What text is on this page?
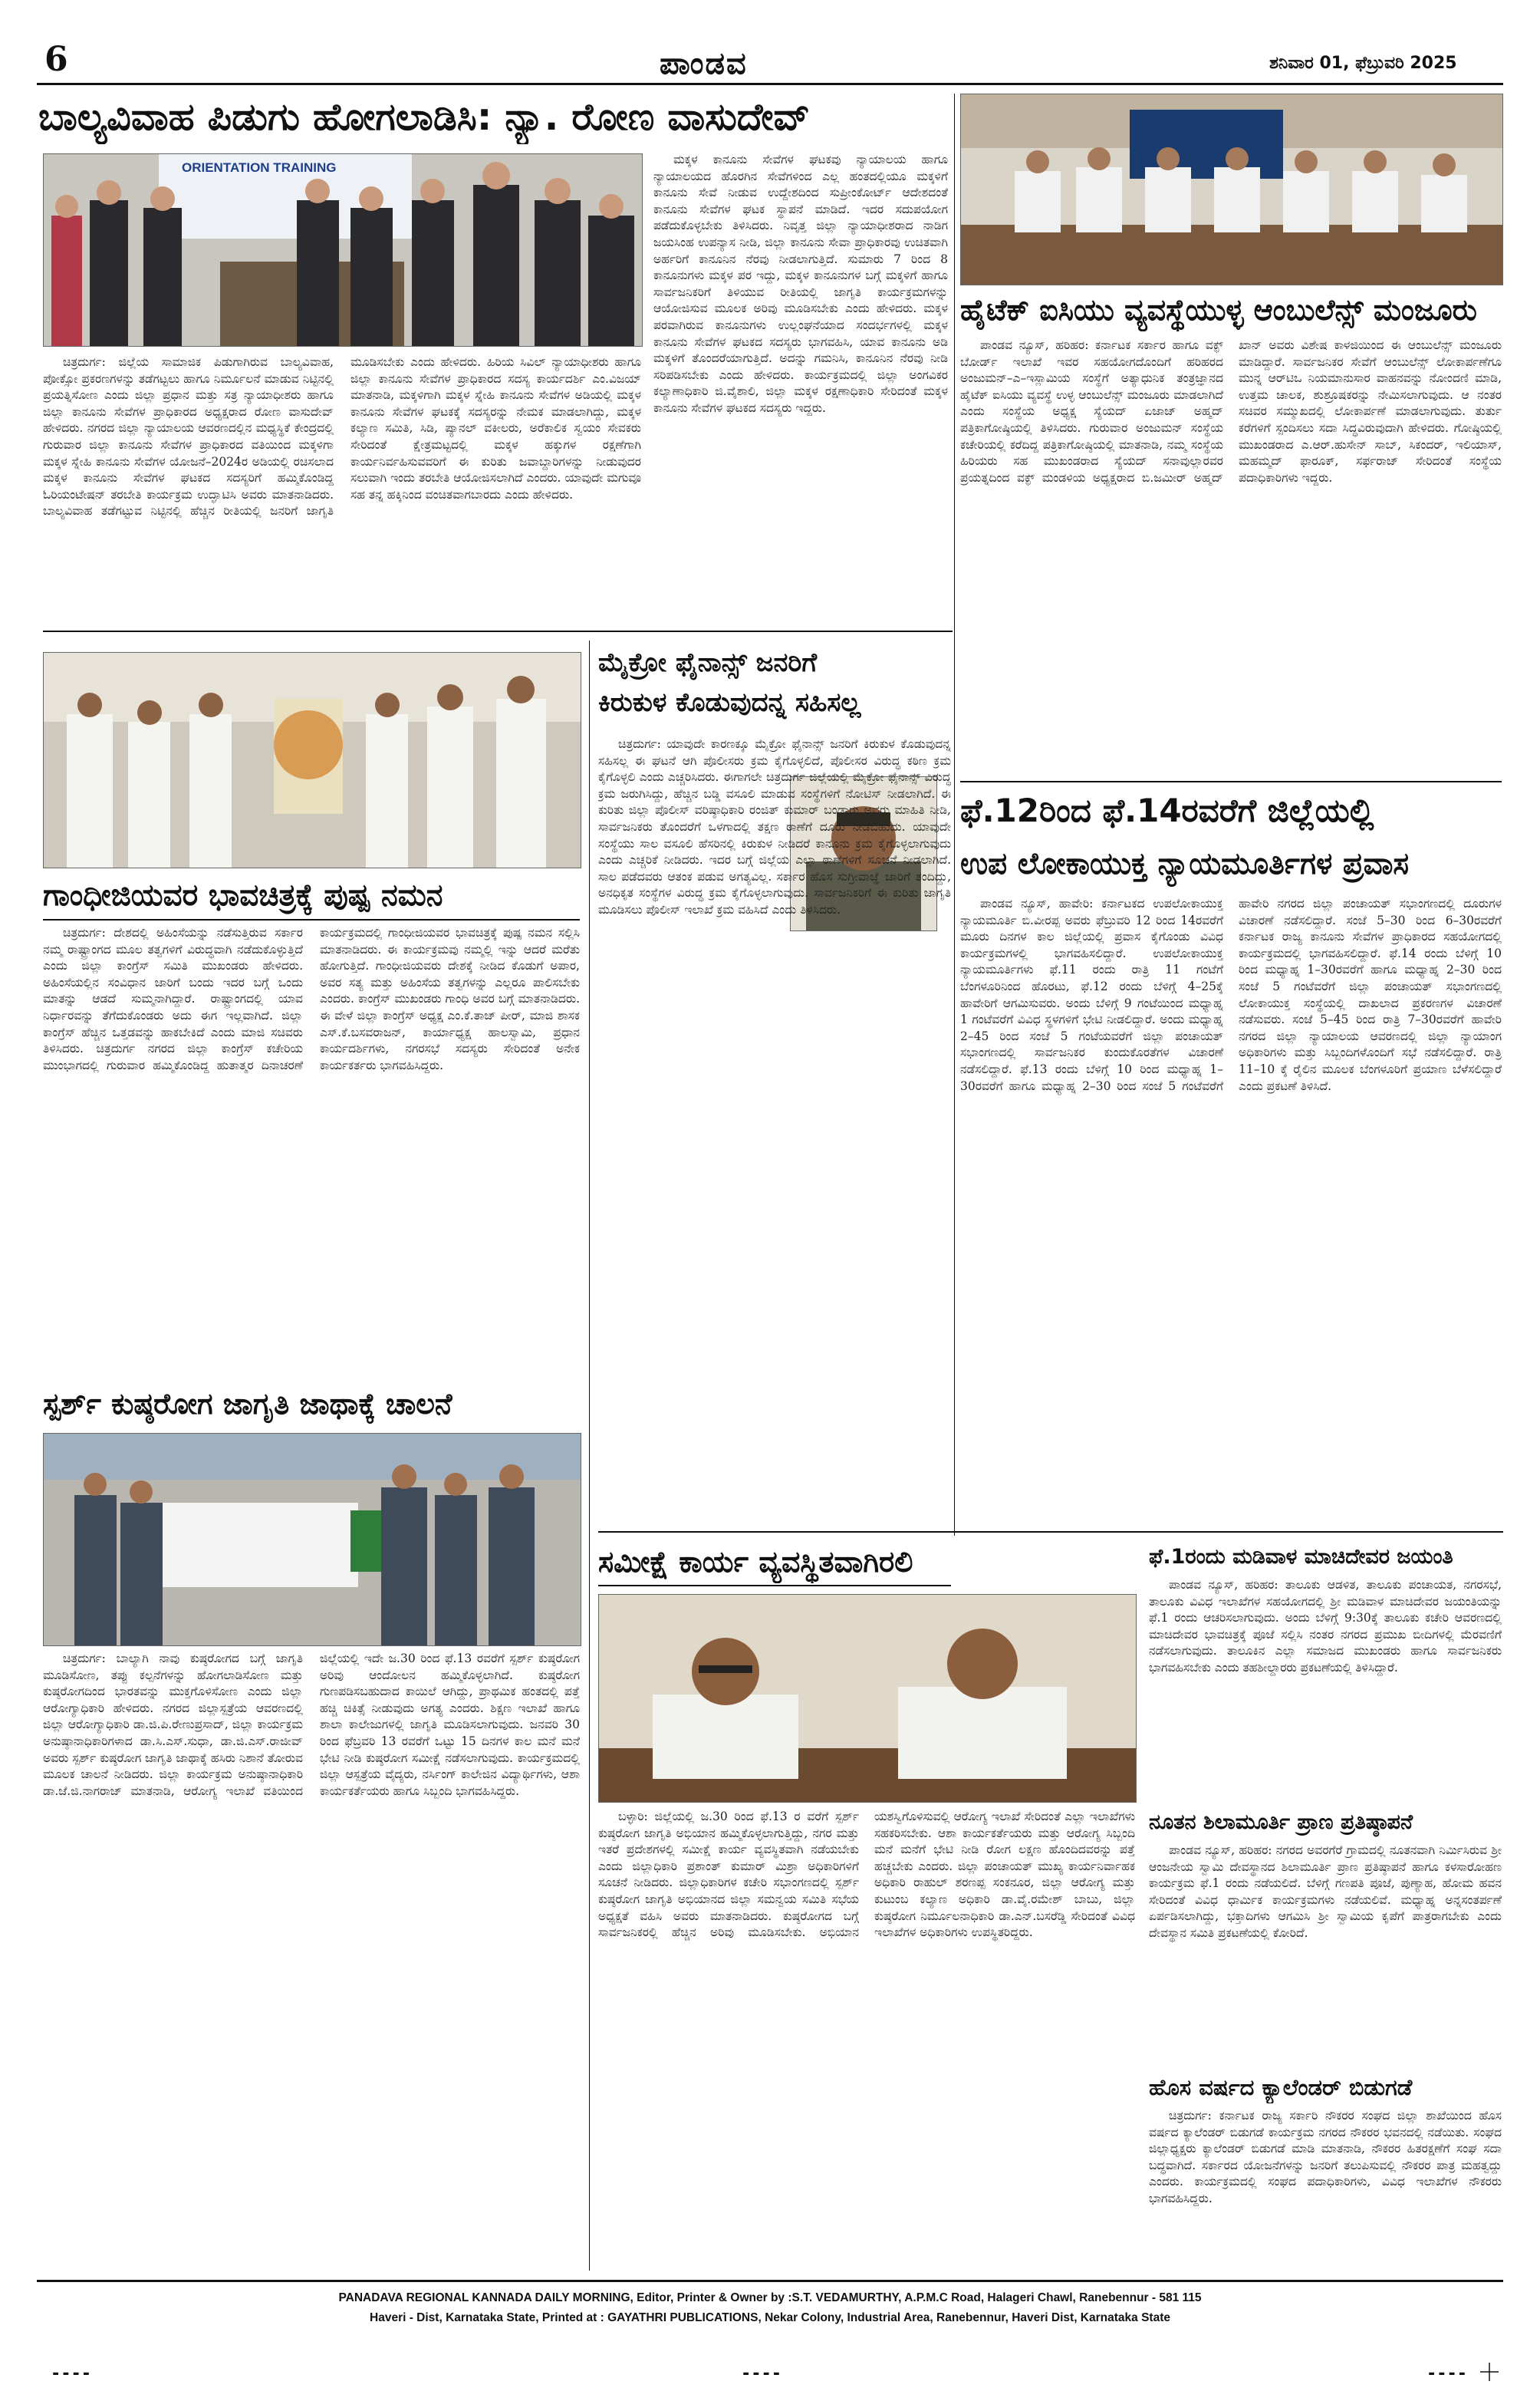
6	ಪಾಂಡವ	ಶನಿವಾರ 01, ಫೆಬ್ರುವರಿ 2025
ಬಾಲ್ಯವಿವಾಹ ಪಿಡುಗು ಹೋಗಲಾಡಿಸಿ: ನ್ಯಾ. ರೋಣ ವಾಸುದೇವ್
ORIENTATION TRAINING

ಚಿತ್ರದುರ್ಗ: ಜಿಲ್ಲೆಯ ಸಾಮಾಜಿಕ ಪಿಡುಗಾಗಿರುವ ಬಾಲ್ಯವಿವಾಹ, ಪೋಕ್ಸೋ ಪ್ರಕರಣಗಳನ್ನು ತಡೆಗಟ್ಟಲು ಹಾಗೂ ನಿರ್ಮೂಲನೆ ಮಾಡುವ ನಿಟ್ಟಿನಲ್ಲಿ ಪ್ರಯತ್ನಿಸೋಣ ಎಂದು ಜಿಲ್ಲಾ ಪ್ರಧಾನ ಮತ್ತು ಸತ್ರ ನ್ಯಾಯಾಧೀಶರು ಹಾಗೂ ಜಿಲ್ಲಾ ಕಾನೂನು ಸೇವೆಗಳ ಪ್ರಾಧಿಕಾರದ ಅಧ್ಯಕ್ಷರಾದ ರೋಣ ವಾಸುದೇವ್ ಹೇಳಿದರು. ನಗರದ ಜಿಲ್ಲಾ ನ್ಯಾಯಾಲಯ ಆವರಣದಲ್ಲಿನ ಮಧ್ಯಸ್ಥಿಕೆ ಕೇಂದ್ರದಲ್ಲಿ ಗುರುವಾರ ಜಿಲ್ಲಾ ಕಾನೂನು ಸೇವೆಗಳ ಪ್ರಾಧಿಕಾರದ ವತಿಯಿಂದ ಮಕ್ಕಳಿಗಾ ಮಕ್ಕಳ ಸ್ನೇಹಿ ಕಾನೂನು ಸೇವೆಗಳ ಯೋಜನೆ–2024ರ ಅಡಿಯಲ್ಲಿ ರಚಿಸಲಾದ ಮಕ್ಕಳ ಕಾನೂನು ಸೇವೆಗಳ ಘಟಕದ ಸದಸ್ಯರಿಗೆ ಹಮ್ಮಿಕೊಂಡಿದ್ದ ಓರಿಯಂಟೇಷನ್ ತರಬೇತಿ ಕಾರ್ಯಕ್ರಮ ಉದ್ಘಾಟಿಸಿ ಅವರು ಮಾತನಾಡಿದರು. ಬಾಲ್ಯವಿವಾಹ ತಡೆಗಟ್ಟುವ ನಿಟ್ಟಿನಲ್ಲಿ ಹೆಚ್ಚಿನ ರೀತಿಯಲ್ಲಿ ಜನರಿಗೆ ಜಾಗೃತಿ ಮೂಡಿಸಬೇಕು ಎಂದು ಹೇಳಿದರು. ಹಿರಿಯ ಸಿವಿಲ್ ನ್ಯಾಯಾಧೀಶರು ಹಾಗೂ ಜಿಲ್ಲಾ ಕಾನೂನು ಸೇವೆಗಳ ಪ್ರಾಧಿಕಾರದ ಸದಸ್ಯ ಕಾರ್ಯದರ್ಶಿ ಎಂ.ವಿಜಯ್ ಮಾತನಾಡಿ, ಮಕ್ಕಳಿಗಾಗಿ ಮಕ್ಕಳ ಸ್ನೇಹಿ ಕಾನೂನು ಸೇವೆಗಳ ಅಡಿಯಲ್ಲಿ ಮಕ್ಕಳ ಕಾನೂನು ಸೇವೆಗಳ ಘಟಕಕ್ಕೆ ಸದಸ್ಯರನ್ನು ನೇಮಕ ಮಾಡಲಾಗಿದ್ದು, ಮಕ್ಕಳ ಕಲ್ಯಾಣ ಸಮಿತಿ, ಸಿಡಿ, ಪ್ಯಾನಲ್ ವಕೀಲರು, ಅರೆಕಾಲಿಕ ಸ್ವಯಂ ಸೇವಕರು ಸೇರಿದಂತೆ ಕ್ಷೇತ್ರಮಟ್ಟದಲ್ಲಿ ಮಕ್ಕಳ ಹಕ್ಕುಗಳ ರಕ್ಷಣೆಗಾಗಿ ಕಾರ್ಯನಿರ್ವಹಿಸುವವರಿಗೆ ಈ ಕುರಿತು ಜವಾಬ್ದಾರಿಗಳನ್ನು ನೀಡುವುದರ ಸಲುವಾಗಿ ಇಂದು ತರಬೇತಿ ಆಯೋಜಿಸಲಾಗಿದೆ ಎಂದರು. ಯಾವುದೇ ಮಗುವೂ ಸಹ ತನ್ನ ಹಕ್ಕಿನಿಂದ ವಂಚಿತವಾಗಬಾರದು ಎಂದು ಹೇಳಿದರು.

ಮಕ್ಕಳ ಕಾನೂನು ಸೇವೆಗಳ ಘಟಕವು ನ್ಯಾಯಾಲಯ ಹಾಗೂ ನ್ಯಾಯಾಲಯದ ಹೊರಗಿನ ಸೇವೆಗಳಿಂದ ಎಲ್ಲ ಹಂತದಲ್ಲಿಯೂ ಮಕ್ಕಳಿಗೆ ಕಾನೂನು ಸೇವೆ ನೀಡುವ ಉದ್ದೇಶದಿಂದ ಸುಪ್ರೀಂಕೋರ್ಟ್ ಆದೇಶದಂತೆ ಕಾನೂನು ಸೇವೆಗಳ ಘಟಕ ಸ್ಥಾಪನೆ ಮಾಡಿದೆ. ಇದರ ಸದುಪಯೋಗ ಪಡೆದುಕೊಳ್ಳಬೇಕು ತಿಳಿಸಿದರು. ನಿವೃತ್ತ ಜಿಲ್ಲಾ ನ್ಯಾಯಾಧೀಶರಾದ ನಾಡಿಗ ಜಯಸಿಂಹ ಉಪನ್ಯಾಸ ನೀಡಿ, ಜಿಲ್ಲಾ ಕಾನೂನು ಸೇವಾ ಪ್ರಾಧಿಕಾರವು ಉಚಿತವಾಗಿ ಅರ್ಹರಿಗೆ ಕಾನೂನಿನ ನೆರವು ನೀಡಲಾಗುತ್ತಿದೆ. ಸುಮಾರು 7 ರಿಂದ 8 ಕಾನೂನುಗಳು ಮಕ್ಕಳ ಪರ ಇದ್ದು, ಮಕ್ಕಳ ಕಾನೂನುಗಳ ಬಗ್ಗೆ ಮಕ್ಕಳಿಗೆ ಹಾಗೂ ಸಾರ್ವಜನಿಕರಿಗೆ ತಿಳಿಯುವ ರೀತಿಯಲ್ಲಿ ಜಾಗೃತಿ ಕಾರ್ಯಕ್ರಮಗಳನ್ನು ಆಯೋಜಿಸುವ ಮೂಲಕ ಅರಿವು ಮೂಡಿಸಬೇಕು ಎಂದು ಹೇಳಿದರು. ಮಕ್ಕಳ ಪರವಾಗಿರುವ ಕಾನೂನುಗಳು ಉಲ್ಲಂಘನೆಯಾದ ಸಂದರ್ಭಗಳಲ್ಲಿ ಮಕ್ಕಳ ಕಾನೂನು ಸೇವೆಗಳ ಘಟಕದ ಸದಸ್ಯರು ಭಾಗವಹಿಸಿ, ಯಾವ ಕಾನೂನು ಅಡಿ ಮಕ್ಕಳಿಗೆ ತೊಂದರೆಯಾಗುತ್ತಿದೆ. ಅದನ್ನು ಗಮನಿಸಿ, ಕಾನೂನಿನ ನೆರವು ನೀಡಿ ಸರಿಪಡಿಸಬೇಕು ಎಂದು ಹೇಳಿದರು. ಕಾರ್ಯಕ್ರಮದಲ್ಲಿ ಜಿಲ್ಲಾ ಅಂಗವಿಕರ ಕಲ್ಯಾಣಾಧಿಕಾರಿ ಜಿ.ವೈಶಾಲಿ, ಜಿಲ್ಲಾ ಮಕ್ಕಳ ರಕ್ಷಣಾಧಿಕಾರಿ ಸೇರಿದಂತೆ ಮಕ್ಕಳ ಕಾನೂನು ಸೇವೆಗಳ ಘಟಕದ ಸದಸ್ಯರು ಇದ್ದರು.

ಹೈಟೆಕ್ ಐಸಿಯು ವ್ಯವಸ್ಥೆಯುಳ್ಳ ಆಂಬುಲೆನ್ಸ್ ಮಂಜೂರು

ಪಾಂಡವ ನ್ಯೂಸ್, ಹರಿಹರ: ಕರ್ನಾಟಕ ಸರ್ಕಾರ ಹಾಗೂ ವಕ್ಫ್ ಬೋರ್ಡ್ ಇಲಾಖೆ ಇವರ ಸಹಯೋಗದೊಂದಿಗೆ ಹರಿಹರದ ಅಂಜುಮನ್–ಎ–ಇಸ್ಲಾಮಿಯ ಸಂಸ್ಥೆಗೆ ಅತ್ಯಾಧುನಿಕ ತಂತ್ರಜ್ಞಾನದ ಹೈಟೆಕ್ ಐಸಿಯು ವ್ಯವಸ್ಥೆ ಉಳ್ಳ ಆಂಬುಲೆನ್ಸ್ ಮಂಜೂರು ಮಾಡಲಾಗಿದೆ ಎಂದು ಸಂಸ್ಥೆಯ ಅಧ್ಯಕ್ಷ ಸ್ಯೆಯದ್ ಏಜಾಜ್ ಅಹ್ಮದ್ ಪತ್ರಿಕಾಗೋಷ್ಠಿಯಲ್ಲಿ ತಿಳಿಸಿದರು. ಗುರುವಾರ ಅಂಜುಮನ್ ಸಂಸ್ಥೆಯ ಕಚೇರಿಯಲ್ಲಿ ಕರೆದಿದ್ದ ಪತ್ರಿಕಾಗೋಷ್ಠಿಯಲ್ಲಿ ಮಾತನಾಡಿ, ನಮ್ಮ ಸಂಸ್ಥೆಯ ಹಿರಿಯರು ಸಹ ಮುಖಂಡರಾದ ಸ್ಯೆಯದ್ ಸನಾವುಲ್ಲಾರವರ ಪ್ರಯತ್ನದಿಂದ ವಕ್ಫ್ ಮಂಡಳಿಯ ಅಧ್ಯಕ್ಷರಾದ ಬಿ.ಜಮೀರ್ ಅಹ್ಮದ್ ಖಾನ್ ಅವರು ವಿಶೇಷ ಕಾಳಜಿಯಿಂದ ಈ ಆಂಬುಲೆನ್ಸ್ ಮಂಜೂರು ಮಾಡಿದ್ದಾರೆ. ಸಾರ್ವಜನಿಕರ ಸೇವೆಗೆ ಆಂಬುಲೆನ್ಸ್ ಲೋಕಾರ್ಪಣೆಗೂ ಮುನ್ನ ಆರ್‌ಟಿಒ ನಿಯಮಾನುಸಾರ ವಾಹನವನ್ನು ನೋಂದಣಿ ಮಾಡಿ, ಉತ್ತಮ ಚಾಲಕ, ಶುಶ್ರೂಷಕರನ್ನು ನೇಮಿಸಲಾಗುವುದು. ಆ ನಂತರ ಸಚಿವರ ಸಮ್ಮುಖದಲ್ಲಿ ಲೋಕಾರ್ಪಣೆ ಮಾಡಲಾಗುವುದು. ತುರ್ತು ಕರೆಗಳಿಗೆ ಸ್ಪಂದಿಸಲು ಸದಾ ಸಿದ್ಧವಿರುವುದಾಗಿ ಹೇಳಿದರು. ಗೋಷ್ಠಿಯಲ್ಲಿ ಮುಖಂಡರಾದ ಎ.ಆರ್.ಹುಸೇನ್ ಸಾಬ್, ಸಿಕಂದರ್, ಇಲಿಯಾಸ್, ಮಹಮ್ಮದ್ ಫಾರೂಕ್, ಸರ್ಫರಾಜ್ ಸೇರಿದಂತೆ ಸಂಸ್ಥೆಯ ಪದಾಧಿಕಾರಿಗಳು ಇದ್ದರು.

ಗಾಂಧೀಜಿಯವರ ಭಾವಚಿತ್ರಕ್ಕೆ ಪುಷ್ಪ ನಮನ

ಚಿತ್ರದುರ್ಗ: ದೇಶದಲ್ಲಿ ಅಹಿಂಸೆಯನ್ನು ನಡೆಸುತ್ತಿರುವ ಸರ್ಕಾರ ನಮ್ಮ ರಾಷ್ಟ್ರಾಂಗದ ಮೂಲ ತತ್ವಗಳಿಗೆ ವಿರುದ್ಧವಾಗಿ ನಡೆದುಕೊಳ್ಳುತ್ತಿದೆ ಎಂದು ಜಿಲ್ಲಾ ಕಾಂಗ್ರೆಸ್ ಸಮಿತಿ ಮುಖಂಡರು ಹೇಳಿದರು. ಅಹಿಂಸೆಯಲ್ಲಿನ ಸಂವಿಧಾನ ಜಾರಿಗೆ ಬಂದು ಇದರ ಬಗ್ಗೆ ಒಂದು ಮಾತನ್ನು ಆಡದೆ ಸುಮ್ಮನಾಗಿದ್ದಾರೆ. ರಾಷ್ಟ್ರಾಂಗದಲ್ಲಿ ಯಾವ ನಿರ್ಧಾರವನ್ನು ತೆಗೆದುಕೊಂಡರು ಅದು ಈಗ ಇಲ್ಲವಾಗಿದೆ. ಜಿಲ್ಲಾ ಕಾಂಗ್ರೆಸ್ ಹೆಚ್ಚಿನ ಒತ್ತಡವನ್ನು ಹಾಕಬೇಕಿದೆ ಎಂದು ಮಾಜಿ ಸಚಿವರು ತಿಳಿಸಿದರು. ಚಿತ್ರದುರ್ಗ ನಗರದ ಜಿಲ್ಲಾ ಕಾಂಗ್ರೆಸ್ ಕಚೇರಿಯ ಮುಂಭಾಗದಲ್ಲಿ ಗುರುವಾರ ಹಮ್ಮಿಕೊಂಡಿದ್ದ ಹುತಾತ್ಮರ ದಿನಾಚರಣೆ ಕಾರ್ಯಕ್ರಮದಲ್ಲಿ ಗಾಂಧೀಜಿಯವರ ಭಾವಚಿತ್ರಕ್ಕೆ ಪುಷ್ಪ ನಮನ ಸಲ್ಲಿಸಿ ಮಾತನಾಡಿದರು. ಈ ಕಾರ್ಯಕ್ರಮವು ನಮ್ಮಲ್ಲಿ ಇನ್ನು ಆದರೆ ಮರೆತು ಹೋಗುತ್ತಿದೆ. ಗಾಂಧೀಜಿಯವರು ದೇಶಕ್ಕೆ ನೀಡಿದ ಕೊಡುಗೆ ಅಪಾರ, ಅವರ ಸತ್ಯ ಮತ್ತು ಅಹಿಂಸೆಯ ತತ್ವಗಳನ್ನು ಎಲ್ಲರೂ ಪಾಲಿಸಬೇಕು ಎಂದರು. ಕಾಂಗ್ರೆಸ್ ಮುಖಂಡರು ಗಾಂಧಿ ಅವರ ಬಗ್ಗೆ ಮಾತನಾಡಿದರು. ಈ ವೇಳೆ ಜಿಲ್ಲಾ ಕಾಂಗ್ರೆಸ್ ಅಧ್ಯಕ್ಷ ಎಂ.ಕೆ.ತಾಜ್ ಪೀರ್, ಮಾಜಿ ಶಾಸಕ ಎಸ್.ಕೆ.ಬಸವರಾಜನ್, ಕಾರ್ಯಾಧ್ಯಕ್ಷ ಹಾಲಸ್ವಾಮಿ, ಪ್ರಧಾನ ಕಾರ್ಯದರ್ಶಿಗಳು, ನಗರಸಭೆ ಸದಸ್ಯರು ಸೇರಿದಂತೆ ಅನೇಕ ಕಾರ್ಯಕರ್ತರು ಭಾಗವಹಿಸಿದ್ದರು.

ಮೈಕ್ರೋ ಫೈನಾನ್ಸ್ ಜನರಿಗೆ
ಕಿರುಕುಳ ಕೊಡುವುದನ್ನ ಸಹಿಸಲ್ಲ

ಚಿತ್ರದುರ್ಗ: ಯಾವುದೇ ಕಾರಣಕ್ಕೂ ಮೈಕ್ರೋ ಫೈನಾನ್ಸ್ ಜನರಿಗೆ ಕಿರುಕುಳ ಕೊಡುವುದನ್ನ ಸಹಿಸಲ್ಲ ಈ ಘಟನೆ ಆಗಿ ಪೊಲೀಸರು ಕ್ರಮ ಕೈಗೊಳ್ಳಲಿದೆ, ಪೊಲೀಸರ ವಿರುದ್ಧ ಕಠಿಣ ಕ್ರಮ ಕೈಗೊಳ್ಳಲಿ ಎಂದು ಎಚ್ಚರಿಸಿದರು. ಈಗಾಗಲೇ ಚಿತ್ರದುರ್ಗ ಜಿಲ್ಲೆಯಲ್ಲಿ ಮೈಕ್ರೋ ಫೈನಾನ್ಸ್ ವಿರುದ್ಧ ಕ್ರಮ ಜರುಗಿಸಿದ್ದು, ಹೆಚ್ಚಿನ ಬಡ್ಡಿ ವಸೂಲಿ ಮಾಡುವ ಸಂಸ್ಥೆಗಳಿಗೆ ನೋಟಿಸ್ ನೀಡಲಾಗಿದೆ. ಈ ಕುರಿತು ಜಿಲ್ಲಾ ಪೊಲೀಸ್ ವರಿಷ್ಠಾಧಿಕಾರಿ ರಂಜಿತ್ ಕುಮಾರ್ ಬಂಡಾರು ಅವರು ಮಾಹಿತಿ ನೀಡಿ, ಸಾರ್ವಜನಿಕರು ತೊಂದರೆಗೆ ಒಳಗಾದಲ್ಲಿ ತಕ್ಷಣ ಠಾಣೆಗೆ ದೂರು ನೀಡಬಹುದು. ಯಾವುದೇ ಸಂಸ್ಥೆಯು ಸಾಲ ವಸೂಲಿ ಹೆಸರಿನಲ್ಲಿ ಕಿರುಕುಳ ನೀಡಿದರೆ ಕಾನೂನು ಕ್ರಮ ಕೈಗೊಳ್ಳಲಾಗುವುದು ಎಂದು ಎಚ್ಚರಿಕೆ ನೀಡಿದರು. ಇದರ ಬಗ್ಗೆ ಜಿಲ್ಲೆಯ ಎಲ್ಲಾ ಠಾಣೆಗಳಿಗೆ ಸೂಚನೆ ನೀಡಲಾಗಿದೆ. ಸಾಲ ಪಡೆದವರು ಆತಂಕ ಪಡುವ ಅಗತ್ಯವಿಲ್ಲ. ಸರ್ಕಾರ ಹೊಸ ಸುಗ್ರೀವಾಜ್ಞೆ ಜಾರಿಗೆ ತಂದಿದ್ದು, ಅನಧಿಕೃತ ಸಂಸ್ಥೆಗಳ ವಿರುದ್ಧ ಕ್ರಮ ಕೈಗೊಳ್ಳಲಾಗುವುದು. ಸಾರ್ವಜನಿಕರಿಗೆ ಈ ಕುರಿತು ಜಾಗೃತಿ ಮೂಡಿಸಲು ಪೊಲೀಸ್ ಇಲಾಖೆ ಕ್ರಮ ವಹಿಸಿದೆ ಎಂದು ತಿಳಿಸಿದರು.

ಫೆ.12ರಿಂದ ಫೆ.14ರವರೆಗೆ ಜಿಲ್ಲೆಯಲ್ಲಿ
ಉಪ ಲೋಕಾಯುಕ್ತ ನ್ಯಾಯಮೂರ್ತಿಗಳ ಪ್ರವಾಸ

ಪಾಂಡವ ನ್ಯೂಸ್, ಹಾವೇರಿ: ಕರ್ನಾಟಕದ ಉಪಲೋಕಾಯುಕ್ತ ನ್ಯಾಯಮೂರ್ತಿ ಬಿ.ವೀರಪ್ಪ ಅವರು ಫೆಬ್ರುವರಿ 12 ರಿಂದ 14ರವರೆಗೆ ಮೂರು ದಿನಗಳ ಕಾಲ ಜಿಲ್ಲೆಯಲ್ಲಿ ಪ್ರವಾಸ ಕೈಗೊಂಡು ವಿವಿಧ ಕಾರ್ಯಕ್ರಮಗಳಲ್ಲಿ ಭಾಗವಹಿಸಲಿದ್ದಾರೆ. ಉಪಲೋಕಾಯುಕ್ತ ನ್ಯಾಯಮೂರ್ತಿಗಳು ಫೆ.11 ರಂದು ರಾತ್ರಿ 11 ಗಂಟೆಗೆ ಬೆಂಗಳೂರಿನಿಂದ ಹೊರಟು, ಫೆ.12 ರಂದು ಬೆಳಿಗ್ಗೆ 4–25ಕ್ಕೆ ಹಾವೇರಿಗೆ ಆಗಮಿಸುವರು. ಅಂದು ಬೆಳಿಗ್ಗೆ 9 ಗಂಟೆಯಿಂದ ಮಧ್ಯಾಹ್ನ 1 ಗಂಟೆವರೆಗೆ ವಿವಿಧ ಸ್ಥಳಗಳಿಗೆ ಭೇಟಿ ನೀಡಲಿದ್ದಾರೆ. ಅಂದು ಮಧ್ಯಾಹ್ನ 2–45 ರಿಂದ ಸಂಜೆ 5 ಗಂಟೆಯವರೆಗೆ ಜಿಲ್ಲಾ ಪಂಚಾಯತ್ ಸಭಾಂಗಣದಲ್ಲಿ ಸಾರ್ವಜನಿಕರ ಕುಂದುಕೊರತೆಗಳ ವಿಚಾರಣೆ ನಡೆಸಲಿದ್ದಾರೆ. ಫೆ.13 ರಂದು ಬೆಳಿಗ್ಗೆ 10 ರಿಂದ ಮಧ್ಯಾಹ್ನ 1–30ರವರೆಗೆ ಹಾಗೂ ಮಧ್ಯಾಹ್ನ 2–30 ರಿಂದ ಸಂಜೆ 5 ಗಂಟೆವರೆಗೆ ಹಾವೇರಿ ನಗರದ ಜಿಲ್ಲಾ ಪಂಚಾಯತ್ ಸಭಾಂಗಣದಲ್ಲಿ ದೂರುಗಳ ವಿಚಾರಣೆ ನಡೆಸಲಿದ್ದಾರೆ. ಸಂಜೆ 5–30 ರಿಂದ 6–30ರವರೆಗೆ ಕರ್ನಾಟಕ ರಾಜ್ಯ ಕಾನೂನು ಸೇವೆಗಳ ಪ್ರಾಧಿಕಾರದ ಸಹಯೋಗದಲ್ಲಿ ಕಾರ್ಯಕ್ರಮದಲ್ಲಿ ಭಾಗವಹಿಸಲಿದ್ದಾರೆ. ಫೆ.14 ರಂದು ಬೆಳಿಗ್ಗೆ 10 ರಿಂದ ಮಧ್ಯಾಹ್ನ 1–30ರವರೆಗೆ ಹಾಗೂ ಮಧ್ಯಾಹ್ನ 2–30 ರಿಂದ ಸಂಜೆ 5 ಗಂಟೆವರೆಗೆ ಜಿಲ್ಲಾ ಪಂಚಾಯತ್ ಸಭಾಂಗಣದಲ್ಲಿ ಲೋಕಾಯುಕ್ತ ಸಂಸ್ಥೆಯಲ್ಲಿ ದಾಖಲಾದ ಪ್ರಕರಣಗಳ ವಿಚಾರಣೆ ನಡೆಸುವರು. ಸಂಜೆ 5–45 ರಿಂದ ರಾತ್ರಿ 7–30ರವರೆಗೆ ಹಾವೇರಿ ನಗರದ ಜಿಲ್ಲಾ ನ್ಯಾಯಾಲಯ ಆವರಣದಲ್ಲಿ ಜಿಲ್ಲಾ ನ್ಯಾಯಾಂಗ ಅಧಿಕಾರಿಗಳು ಮತ್ತು ಸಿಬ್ಬಂದಿಗಳೊಂದಿಗೆ ಸಭೆ ನಡೆಸಲಿದ್ದಾರೆ. ರಾತ್ರಿ 11–10 ಕ್ಕೆ ರೈಲಿನ ಮೂಲಕ ಬೆಂಗಳೂರಿಗೆ ಪ್ರಯಾಣ ಬೆಳೆಸಲಿದ್ದಾರೆ ಎಂದು ಪ್ರಕಟಣೆ ತಿಳಿಸಿದೆ.

ಸ್ಪರ್ಶ್ ಕುಷ್ಠರೋಗ ಜಾಗೃತಿ ಜಾಥಾಕ್ಕೆ ಚಾಲನೆ

ಚಿತ್ರದುರ್ಗ: ಬಾಲ್ಯಾಗಿ ನಾವು ಕುಷ್ಠರೋಗದ ಬಗ್ಗೆ ಜಾಗೃತಿ ಮೂಡಿಸೋಣ, ತಪ್ಪು ಕಲ್ಪನೆಗಳನ್ನು ಹೋಗಲಾಡಿಸೋಣ ಮತ್ತು ಕುಷ್ಠರೋಗದಿಂದ ಭಾರತವನ್ನು ಮುಕ್ತಗೊಳಿಸೋಣ ಎಂದು ಜಿಲ್ಲಾ ಆರೋಗ್ಯಾಧಿಕಾರಿ ಹೇಳಿದರು. ನಗರದ ಜಿಲ್ಲಾಸ್ಪತ್ರೆಯ ಆವರಣದಲ್ಲಿ ಜಿಲ್ಲಾ ಆರೋಗ್ಯಾಧಿಕಾರಿ ಡಾ.ಜಿ.ಪಿ.ರೇಣುಪ್ರಸಾದ್, ಜಿಲ್ಲಾ ಕಾರ್ಯಕ್ರಮ ಅನುಷ್ಠಾನಾಧಿಕಾರಿಗಳಾದ ಡಾ.ಸಿ.ಎಸ್.ಸುಧಾ, ಡಾ.ಜಿ.ಎಸ್.ರಾಜೀವ್ ಅವರು ಸ್ಪರ್ಶ್ ಕುಷ್ಠರೋಗ ಜಾಗೃತಿ ಜಾಥಾಕ್ಕೆ ಹಸಿರು ನಿಶಾನೆ ತೋರುವ ಮೂಲಕ ಚಾಲನೆ ನೀಡಿದರು. ಜಿಲ್ಲಾ ಕಾರ್ಯಕ್ರಮ ಅನುಷ್ಠಾನಾಧಿಕಾರಿ ಡಾ.ಜೆ.ಜಿ.ನಾಗರಾಜ್ ಮಾತನಾಡಿ, ಆರೋಗ್ಯ ಇಲಾಖೆ ವತಿಯಿಂದ ಜಿಲ್ಲೆಯಲ್ಲಿ ಇದೇ ಜ.30 ರಿಂದ ಫೆ.13 ರವರೆಗೆ ಸ್ಪರ್ಶ್ ಕುಷ್ಠರೋಗ ಅರಿವು ಆಂದೋಲನ ಹಮ್ಮಿಕೊಳ್ಳಲಾಗಿದೆ. ಕುಷ್ಠರೋಗ ಗುಣಪಡಿಸಬಹುದಾದ ಕಾಯಿಲೆ ಆಗಿದ್ದು, ಪ್ರಾಥಮಿಕ ಹಂತದಲ್ಲಿ ಪತ್ತೆ ಹಚ್ಚಿ ಚಿಕಿತ್ಸೆ ನೀಡುವುದು ಅಗತ್ಯ ಎಂದರು. ಶಿಕ್ಷಣ ಇಲಾಖೆ ಹಾಗೂ ಶಾಲಾ ಕಾಲೇಜುಗಳಲ್ಲಿ ಜಾಗೃತಿ ಮೂಡಿಸಲಾಗುವುದು. ಜನವರಿ 30 ರಿಂದ ಫೆಬ್ರವರಿ 13 ರವರೆಗೆ ಒಟ್ಟು 15 ದಿನಗಳ ಕಾಲ ಮನೆ ಮನೆ ಭೇಟಿ ನೀಡಿ ಕುಷ್ಠರೋಗ ಸಮೀಕ್ಷೆ ನಡೆಸಲಾಗುವುದು. ಕಾರ್ಯಕ್ರಮದಲ್ಲಿ ಜಿಲ್ಲಾ ಆಸ್ಪತ್ರೆಯ ವೈದ್ಯರು, ನರ್ಸಿಂಗ್ ಕಾಲೇಜಿನ ವಿದ್ಯಾರ್ಥಿಗಳು, ಆಶಾ ಕಾರ್ಯಕರ್ತೆಯರು ಹಾಗೂ ಸಿಬ್ಬಂದಿ ಭಾಗವಹಿಸಿದ್ದರು.

ಸಮೀಕ್ಷೆ ಕಾರ್ಯ ವ್ಯವಸ್ಥಿತವಾಗಿರಲಿ

ಬಳ್ಳಾರಿ: ಜಿಲ್ಲೆಯಲ್ಲಿ ಜ.30 ರಿಂದ ಫೆ.13 ರ ವರೆಗೆ ಸ್ಪರ್ಶ್ ಕುಷ್ಠರೋಗ ಜಾಗೃತಿ ಅಭಿಯಾನ ಹಮ್ಮಿಕೊಳ್ಳಲಾಗುತ್ತಿದ್ದು, ನಗರ ಮತ್ತು ಇತರೆ ಪ್ರದೇಶಗಳಲ್ಲಿ ಸಮೀಕ್ಷೆ ಕಾರ್ಯ ವ್ಯವಸ್ಥಿತವಾಗಿ ನಡೆಯಬೇಕು ಎಂದು ಜಿಲ್ಲಾಧಿಕಾರಿ ಪ್ರಶಾಂತ್ ಕುಮಾರ್ ಮಿಶ್ರಾ ಅಧಿಕಾರಿಗಳಿಗೆ ಸೂಚನೆ ನೀಡಿದರು. ಜಿಲ್ಲಾಧಿಕಾರಿಗಳ ಕಚೇರಿ ಸಭಾಂಗಣದಲ್ಲಿ ಸ್ಪರ್ಶ್ ಕುಷ್ಠರೋಗ ಜಾಗೃತಿ ಅಭಿಯಾನದ ಜಿಲ್ಲಾ ಸಮನ್ವಯ ಸಮಿತಿ ಸಭೆಯ ಅಧ್ಯಕ್ಷತೆ ವಹಿಸಿ ಅವರು ಮಾತನಾಡಿದರು. ಕುಷ್ಠರೋಗದ ಬಗ್ಗೆ ಸಾರ್ವಜನಿಕರಲ್ಲಿ ಹೆಚ್ಚಿನ ಅರಿವು ಮೂಡಿಸಬೇಕು. ಅಭಿಯಾನ ಯಶಸ್ವಿಗೊಳಿಸುವಲ್ಲಿ ಆರೋಗ್ಯ ಇಲಾಖೆ ಸೇರಿದಂತೆ ಎಲ್ಲಾ ಇಲಾಖೆಗಳು ಸಹಕರಿಸಬೇಕು. ಆಶಾ ಕಾರ್ಯಕರ್ತೆಯರು ಮತ್ತು ಆರೋಗ್ಯ ಸಿಬ್ಬಂದಿ ಮನೆ ಮನೆಗೆ ಭೇಟಿ ನೀಡಿ ರೋಗ ಲಕ್ಷಣ ಹೊಂದಿದವರನ್ನು ಪತ್ತೆ ಹಚ್ಚಬೇಕು ಎಂದರು. ಜಿಲ್ಲಾ ಪಂಚಾಯತ್ ಮುಖ್ಯ ಕಾರ್ಯನಿರ್ವಾಹಕ ಅಧಿಕಾರಿ ರಾಹುಲ್ ಶರಣಪ್ಪ ಸಂಕನೂರ, ಜಿಲ್ಲಾ ಆರೋಗ್ಯ ಮತ್ತು ಕುಟುಂಬ ಕಲ್ಯಾಣ ಅಧಿಕಾರಿ ಡಾ.ವೈ.ರಮೇಶ್ ಬಾಬು, ಜಿಲ್ಲಾ ಕುಷ್ಠರೋಗ ನಿರ್ಮೂಲನಾಧಿಕಾರಿ ಡಾ.ಎನ್.ಬಸರೆಡ್ಡಿ ಸೇರಿದಂತೆ ವಿವಿಧ ಇಲಾಖೆಗಳ ಅಧಿಕಾರಿಗಳು ಉಪಸ್ಥಿತರಿದ್ದರು.

ಫೆ.1ರಂದು ಮಡಿವಾಳ ಮಾಚಿದೇವರ ಜಯಂತಿ

ಪಾಂಡವ ನ್ಯೂಸ್, ಹರಿಹರ: ತಾಲೂಕು ಆಡಳಿತ, ತಾಲೂಕು ಪಂಚಾಯತ, ನಗರಸಭೆ, ತಾಲೂಕು ವಿವಿಧ ಇಲಾಖೆಗಳ ಸಹಯೋಗದಲ್ಲಿ ಶ್ರೀ ಮಡಿವಾಳ ಮಾಚಿದೇವರ ಜಯಂತಿಯನ್ನು ಫೆ.1 ರಂದು ಆಚರಿಸಲಾಗುವುದು. ಅಂದು ಬೆಳಿಗ್ಗೆ 9:30ಕ್ಕೆ ತಾಲೂಕು ಕಚೇರಿ ಆವರಣದಲ್ಲಿ ಮಾಚಿದೇವರ ಭಾವಚಿತ್ರಕ್ಕೆ ಪೂಜೆ ಸಲ್ಲಿಸಿ ನಂತರ ನಗರದ ಪ್ರಮುಖ ಬೀದಿಗಳಲ್ಲಿ ಮೆರವಣಿಗೆ ನಡೆಸಲಾಗುವುದು. ತಾಲೂಕಿನ ಎಲ್ಲಾ ಸಮಾಜದ ಮುಖಂಡರು ಹಾಗೂ ಸಾರ್ವಜನಿಕರು ಭಾಗವಹಿಸಬೇಕು ಎಂದು ತಹಶೀಲ್ದಾರರು ಪ್ರಕಟಣೆಯಲ್ಲಿ ತಿಳಿಸಿದ್ದಾರೆ.

ನೂತನ ಶಿಲಾಮೂರ್ತಿ ಪ್ರಾಣ ಪ್ರತಿಷ್ಠಾಪನೆ

ಪಾಂಡವ ನ್ಯೂಸ್, ಹರಿಹರ: ನಗರದ ಅವರಗೆರೆ ಗ್ರಾಮದಲ್ಲಿ ನೂತನವಾಗಿ ನಿರ್ಮಿಸಿರುವ ಶ್ರೀ ಆಂಜನೇಯ ಸ್ವಾಮಿ ದೇವಸ್ಥಾನದ ಶಿಲಾಮೂರ್ತಿ ಪ್ರಾಣ ಪ್ರತಿಷ್ಠಾಪನೆ ಹಾಗೂ ಕಳಸಾರೋಹಣ ಕಾರ್ಯಕ್ರಮ ಫೆ.1 ರಂದು ನಡೆಯಲಿದೆ. ಬೆಳಿಗ್ಗೆ ಗಣಪತಿ ಪೂಜೆ, ಪುಣ್ಯಾಹ, ಹೋಮ ಹವನ ಸೇರಿದಂತೆ ವಿವಿಧ ಧಾರ್ಮಿಕ ಕಾರ್ಯಕ್ರಮಗಳು ನಡೆಯಲಿವೆ. ಮಧ್ಯಾಹ್ನ ಅನ್ನಸಂತರ್ಪಣೆ ಏರ್ಪಡಿಸಲಾಗಿದ್ದು, ಭಕ್ತಾದಿಗಳು ಆಗಮಿಸಿ ಶ್ರೀ ಸ್ವಾಮಿಯ ಕೃಪೆಗೆ ಪಾತ್ರರಾಗಬೇಕು ಎಂದು ದೇವಸ್ಥಾನ ಸಮಿತಿ ಪ್ರಕಟಣೆಯಲ್ಲಿ ಕೋರಿದೆ.

ಹೊಸ ವರ್ಷದ ಕ್ಯಾಲೆಂಡರ್ ಬಿಡುಗಡೆ

ಚಿತ್ರದುರ್ಗ: ಕರ್ನಾಟಕ ರಾಜ್ಯ ಸರ್ಕಾರಿ ನೌಕರರ ಸಂಘದ ಜಿಲ್ಲಾ ಶಾಖೆಯಿಂದ ಹೊಸ ವರ್ಷದ ಕ್ಯಾಲೆಂಡರ್ ಬಿಡುಗಡೆ ಕಾರ್ಯಕ್ರಮ ನಗರದ ನೌಕರರ ಭವನದಲ್ಲಿ ನಡೆಯಿತು. ಸಂಘದ ಜಿಲ್ಲಾಧ್ಯಕ್ಷರು ಕ್ಯಾಲೆಂಡರ್ ಬಿಡುಗಡೆ ಮಾಡಿ ಮಾತನಾಡಿ, ನೌಕರರ ಹಿತರಕ್ಷಣೆಗೆ ಸಂಘ ಸದಾ ಬದ್ಧವಾಗಿದೆ. ಸರ್ಕಾರದ ಯೋಜನೆಗಳನ್ನು ಜನರಿಗೆ ತಲುಪಿಸುವಲ್ಲಿ ನೌಕರರ ಪಾತ್ರ ಮಹತ್ವದ್ದು ಎಂದರು. ಕಾರ್ಯಕ್ರಮದಲ್ಲಿ ಸಂಘದ ಪದಾಧಿಕಾರಿಗಳು, ವಿವಿಧ ಇಲಾಖೆಗಳ ನೌಕರರು ಭಾಗವಹಿಸಿದ್ದರು.

PANADAVA REGIONAL KANNADA DAILY MORNING, Editor, Printer & Owner by :S.T. VEDAMURTHY, A.P.M.C Road, Halageri Chawl, Ranebennur - 581 115
Haveri - Dist, Karnataka State, Printed at : GAYATHRI PUBLICATIONS, Nekar Colony, Industrial Area, Ranebennur, Haveri Dist, Karnataka State
----	----	----
